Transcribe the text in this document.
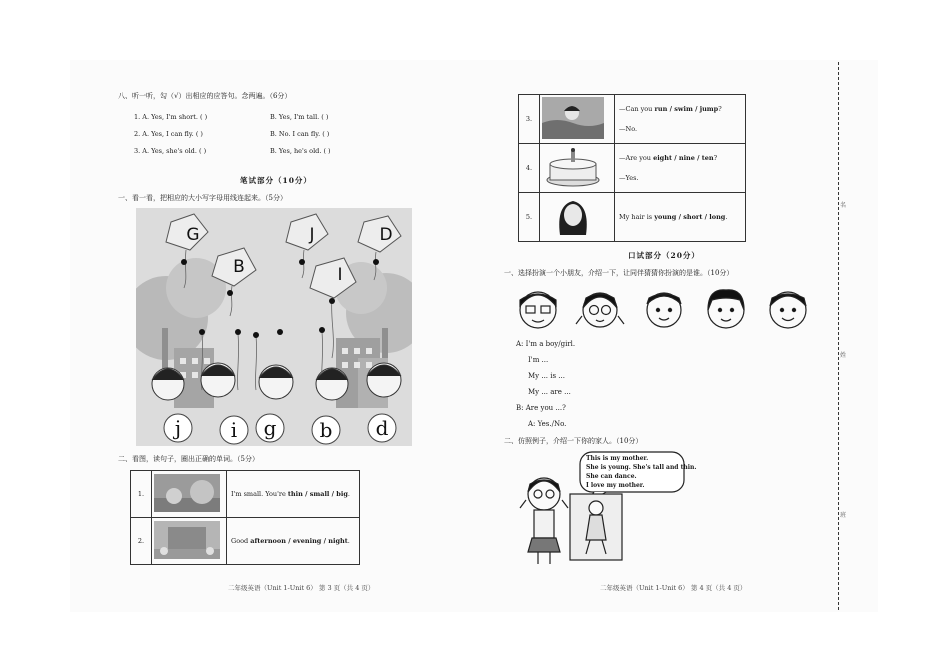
八、听一听，勾（√）出相应的应答句。念两遍。（6分）
1. A. Yes, I'm short. ( )	B. Yes, I'm tall. ( )
2. A. Yes, I can fly. ( )	B. No. I can fly. ( )
3. A. Yes, she's old. ( )	B. Yes, he's old. ( )
笔试部分（10分）
一、看一看，把相应的大小写字母用线连起来。（5分）
G	J	D
B	I
j i g b d
二、看图，读句子，圈出正确的单词。（5分）
1.		I'm small. You're thin / small / big.
2.		Good afternoon / evening / night.
二年级英语（Unit 1-Unit 6） 第 3 页（共 4 页）
3.		—Can you run / swim / jump?
—No.

4.		—Are you eight / nine / ten?
—Yes.

5.		My hair is young / short / long.
口试部分（20分）
一、选择扮演一个小朋友，介绍一下，让同伴猜猜你扮演的是谁。（10分）
A: I'm a boy/girl.
I'm ...
My ... is ...
My ... are ...
B: Are you ...?
A: Yes./No.
二、仿照例子，介绍一下你的家人。（10分）
This is my mother.
She is young. She's tall and thin.
She can dance.
I love my mother.
二年级英语（Unit 1-Unit 6） 第 4 页（共 4 页）
名
姓
班
